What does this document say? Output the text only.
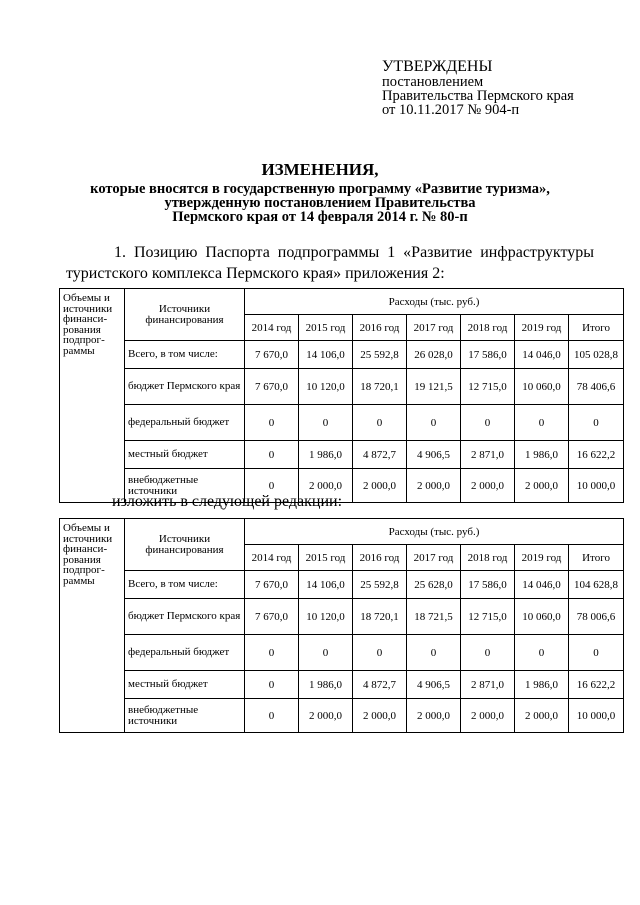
УТВЕРЖДЕНЫ
постановлением
Правительства Пермского края
от 10.11.2017 № 904-п
ИЗМЕНЕНИЯ,
которые вносятся в государственную программу «Развитие туризма»,
утвержденную постановлением Правительства
Пермского края от 14 февраля 2014 г. № 80-п
1. Позицию Паспорта подпрограммы 1 «Развитие инфраструктуры туристского комплекса Пермского края» приложения 2:
Объемы и источники финанси-рования подпрог-раммы	Источники финансирования	Расходы (тыс. руб.)						
		2014 год	2015 год	2016 год	2017 год	2018 год	2019 год	Итого
	Всего, в том числе:	7 670,0	14 106,0	25 592,8	26 028,0	17 586,0	14 046,0	105 028,8
	бюджет Пермского края	7 670,0	10 120,0	18 720,1	19 121,5	12 715,0	10 060,0	78 406,6
	федеральный бюджет	0	0	0	0	0	0	0
	местный бюджет	0	1 986,0	4 872,7	4 906,5	2 871,0	1 986,0	16 622,2
	внебюджетные источники	0	2 000,0	2 000,0	2 000,0	2 000,0	2 000,0	10 000,0
изложить в следующей редакции:
Объемы и источники финанси-рования подпрог-раммы	Источники финансирования	Расходы (тыс. руб.)						
		2014 год	2015 год	2016 год	2017 год	2018 год	2019 год	Итого
	Всего, в том числе:	7 670,0	14 106,0	25 592,8	25 628,0	17 586,0	14 046,0	104 628,8
	бюджет Пермского края	7 670,0	10 120,0	18 720,1	18 721,5	12 715,0	10 060,0	78 006,6
	федеральный бюджет	0	0	0	0	0	0	0
	местный бюджет	0	1 986,0	4 872,7	4 906,5	2 871,0	1 986,0	16 622,2
	внебюджетные источники	0	2 000,0	2 000,0	2 000,0	2 000,0	2 000,0	10 000,0
